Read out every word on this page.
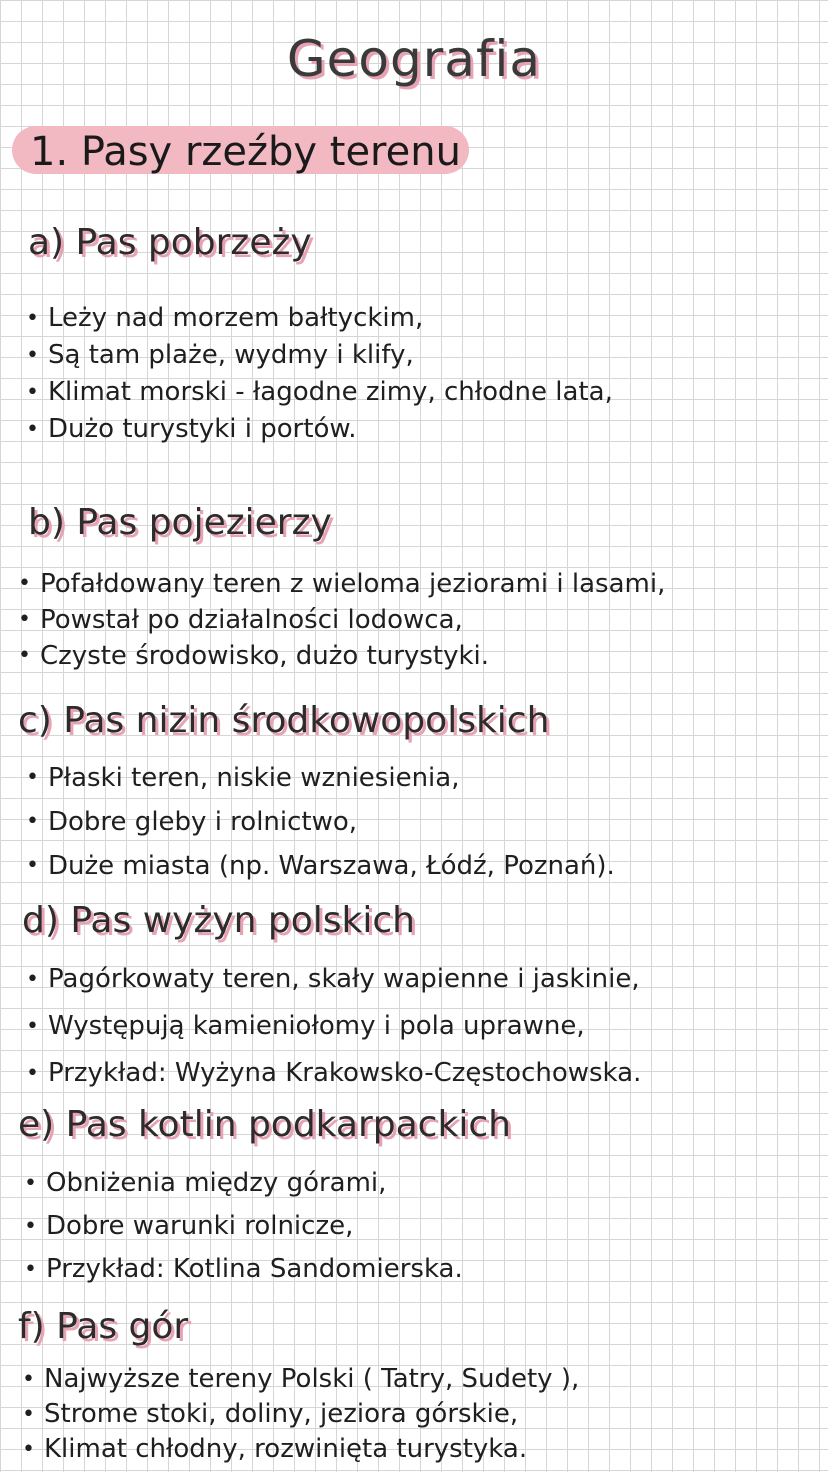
Geografia
1. Pasy rzeźby terenu
a) Pas pobrzeży
• Leży nad morzem bałtyckim,
• Są tam plaże, wydmy i klify,
• Klimat morski - łagodne zimy, chłodne lata,
• Dużo turystyki i portów.
b) Pas pojezierzy
• Pofałdowany teren z wieloma jeziorami i lasami,
• Powstał po działalności lodowca,
• Czyste środowisko, dużo turystyki.
c) Pas nizin środkowopolskich
• Płaski teren, niskie wzniesienia,
• Dobre gleby i rolnictwo,
• Duże miasta (np. Warszawa, Łódź, Poznań).
d) Pas wyżyn polskich
• Pagórkowaty teren, skały wapienne i jaskinie,
• Występują kamieniołomy i pola uprawne,
• Przykład: Wyżyna Krakowsko-Częstochowska.
e) Pas kotlin podkarpackich
• Obniżenia między górami,
• Dobre warunki rolnicze,
• Przykład: Kotlina Sandomierska.
f) Pas gór
• Najwyższe tereny Polski ( Tatry, Sudety ),
• Strome stoki, doliny, jeziora górskie,
• Klimat chłodny, rozwinięta turystyka.
